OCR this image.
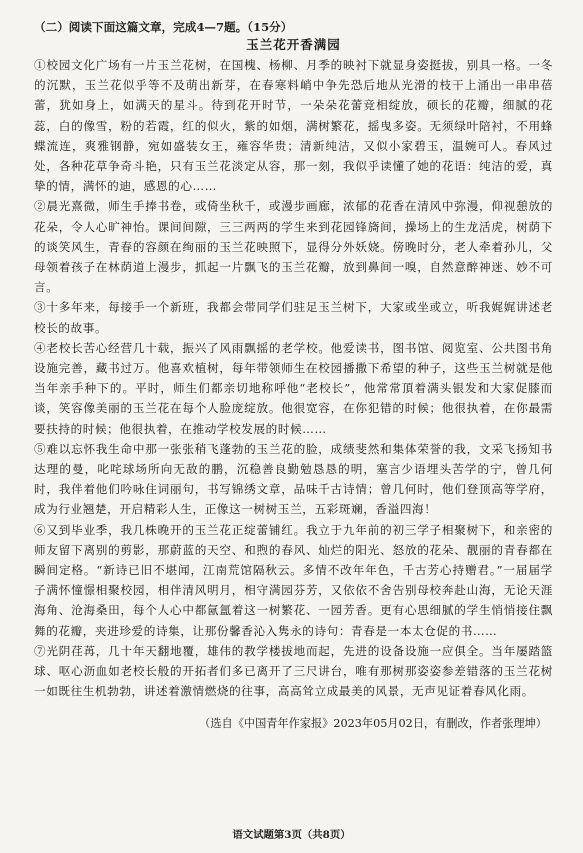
（二）阅读下面这篇文章，完成4—7题。（15分）

玉兰花开香满园

①校园文化广场有一片玉兰花树，在国槐、杨柳、月季的映衬下就显身姿挺拔，别具一格。一冬的沉默，玉兰花似乎等不及萌出新芽，在春寒料峭中争先恐后地从光滑的枝干上涌出一串串蓓蕾，犹如身上，如满天的星斗。待到花开时节，一朵朵花蕾竞相绽放，硕长的花瓣，细腻的花蕊，白的像雪，粉的若霞，红的似火，紫的如烟，满树繁花，摇曳多姿。无须绿叶陪衬，不用蜂蝶流连，爽雅钢静，宛如盛装女王，雍容华贵；清新纯洁，又似小家碧玉，温婉可人。春风过处，各种花草争奇斗艳，只有玉兰花淡定从容，那一刻，我似乎读懂了她的花语：纯洁的爱，真挚的情，满怀的迪，感恩的心……

②晨光熹微，师生手捧书卷，或倚坐秋千，或漫步画廊，浓郁的花香在清风中弥漫，仰视憩放的花朵，令人心旷神怡。课间间隙，三三两两的学生来到花园锋旖间，操场上的生龙活虎，树荫下的谈笑风生，青春的容颜在绚丽的玉兰花映照下，显得分外妖娆。傍晚时分，老人牵着孙儿，父母领着孩子在林荫道上漫步，抓起一片飘飞的玉兰花瓣，放到鼻间一嗅，自然意醉神迷、妙不可言。

③十多年来，每接手一个新班，我都会带同学们驻足玉兰树下，大家或坐或立，听我娓娓讲述老校长的故事。

④老校长苦心经营几十载，振兴了风雨飘摇的老学校。他爱读书，图书馆、阅览室、公共图书角设施完善，藏书过万。他喜欢植树，每年带领师生在校园播撒下希望的种子，这些玉兰树就是他当年亲手种下的。平时，师生们都亲切地称呼他“老校长”，他常常頂着满头银发和大家促膝而谈，笑容像美丽的玉兰花在每个人脸庞绽放。他很宽容，在你犯错的时候；他很执着，在你最需要扶持的时候；他很执着，在推动学校发展的时候……

⑤难以忘怀我生命中那一张张稍飞蓬勃的玉兰花的脸，成绩斐然和集体荣誉的我，文采飞扬知书达理的曼，叱咤球场所向无敌的鹏，沉稳善良勤勉恳恳的明，塞言少语埋头苦学的宁，曾几何时，我伴着他们吟咏住词丽句，书写锦绣文章，品味千古诗情；曾几何时，他们登顶高等学府，成为行业翘楚，开启精彩人生，正像这一树树玉兰，五彩斑斓，香溢四海！

⑥又到毕业季，我几株晚开的玉兰花正绽蕾铺红。我立于九年前的初三学子相聚树下，和亲密的师友留下离别的剪影，那蔚蓝的天空、和煦的春风、灿烂的阳光、怒放的花朵、靓丽的青春都在瞬间定格。“新诗已旧不堪闻，江南荒馆隔秋云。多情不改年年色，千古芳心持赠君。”一届届学子满怀憧憬相聚校园，相伴清风明月，相守满园芬芳，又依依不舍告别母校奔赴山海，无论天涯海角、沧海桑田，每个人心中都氤氲着这一树繁花、一园芳香。更有心思细腻的学生悄悄接住飘舞的花瓣，夹进珍爱的诗集，让那份馨香沁入隽永的诗句：青春是一本太仓促的书……

⑦光阴荏苒，几十年天翻地覆，雄伟的教学楼拔地而起，先进的设备设施一应俱全。当年屡踏篮球、呕心沥血如老校长般的开拓者们多已离开了三尺讲台，唯有那树那姿姿参差错落的玉兰花树一如既往生机勃勃，讲述着激情燃烧的往事，高高耸立成最美的风景，无声见证着春风化雨。

（选自《中国青年作家报》2023年05月02日，有删改，作者张理坤）

语文试题第3页（共8页）
